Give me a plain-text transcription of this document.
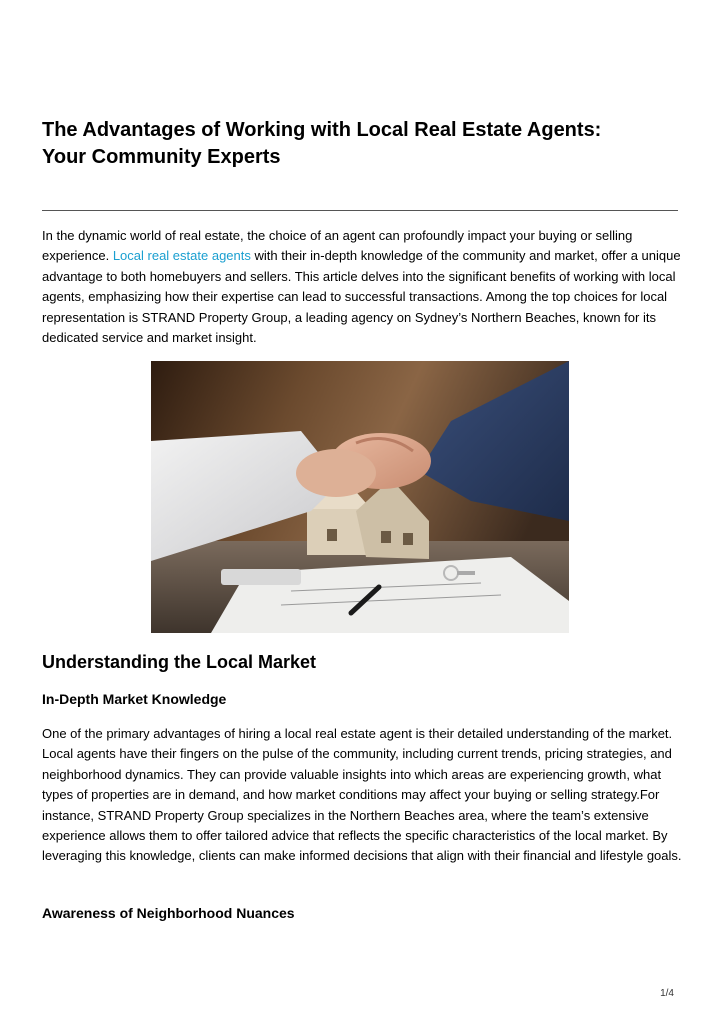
The Advantages of Working with Local Real Estate Agents:
Your Community Experts

In the dynamic world of real estate, the choice of an agent can profoundly impact your buying or selling experience. Local real estate agents with their in-depth knowledge of the community and market, offer a unique advantage to both homebuyers and sellers. This article delves into the significant benefits of working with local agents, emphasizing how their expertise can lead to successful transactions. Among the top choices for local representation is STRAND Property Group, a leading agency on Sydney’s Northern Beaches, known for its dedicated service and market insight.

Understanding the Local Market
In-Depth Market Knowledge

One of the primary advantages of hiring a local real estate agent is their detailed understanding of the market. Local agents have their fingers on the pulse of the community, including current trends, pricing strategies, and neighborhood dynamics. They can provide valuable insights into which areas are experiencing growth, what types of properties are in demand, and how market conditions may affect your buying or selling strategy.For instance, STRAND Property Group specializes in the Northern Beaches area, where the team’s extensive experience allows them to offer tailored advice that reflects the specific characteristics of the local market. By leveraging this knowledge, clients can make informed decisions that align with their financial and lifestyle goals.

Awareness of Neighborhood Nuances
1/4
